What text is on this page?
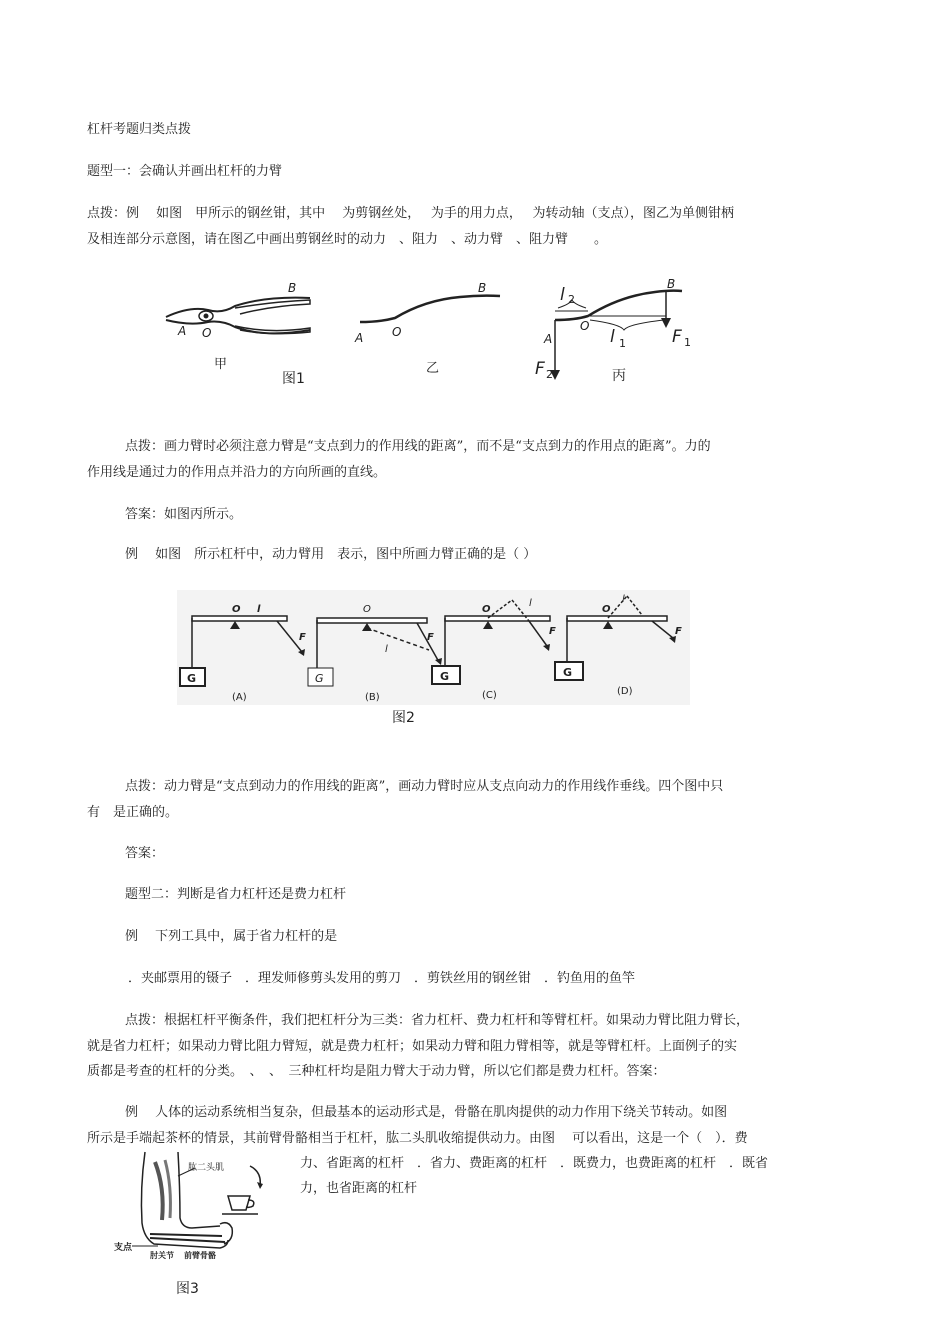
杠杆考题归类点拨
题型一：会确认并画出杠杆的力臂
点拨：例　 如图　甲所示的钢丝钳，其中　 为剪钢丝处，　 为手的用力点，　 为转动轴（支点），图乙为单侧钳柄
及相连部分示意图，请在图乙中画出剪钢丝时的动力　、阻力　、动力臂　、阻力臂　　。
A O
B
甲
A O
B
乙
A
O
B
l 2
l 1	F 1
F 2	丙
图1
点拨：画力臂时必须注意力臂是“支点到力的作用线的距离”，而不是“支点到力的作用点的距离”。力的
作用线是通过力的作用点并沿力的方向所画的直线。
答案：如图丙所示。
例　 如图　所示杠杆中，动力臂用　表示，图中所画力臂正确的是（ ）
G
O l
F
(A)
G
O
l
F
(B)
G
O
l
F
(C)
G
O
l
F
(D)
图2
点拨：动力臂是“支点到动力的作用线的距离”，画动力臂时应从支点向动力的作用线作垂线。四个图中只
有　是正确的。
答案：
题型二：判断是省力杠杆还是费力杠杆
例　 下列工具中，属于省力杠杆的是
．夹邮票用的镊子　．理发师修剪头发用的剪刀　．剪铁丝用的钢丝钳　．钓鱼用的鱼竿
点拨：根据杠杆平衡条件，我们把杠杆分为三类：省力杠杆、费力杠杆和等臂杠杆。如果动力臂比阻力臂长，
就是省力杠杆；如果动力臂比阻力臂短，就是费力杠杆；如果动力臂和阻力臂相等，就是等臂杠杆。上面例子的实
质都是考查的杠杆的分类。　、　、　三种杠杆均是阻力臂大于动力臂，所以它们都是费力杠杆。答案：
例　 人体的运动系统相当复杂，但最基本的运动形式是，骨骼在肌肉提供的动力作用下绕关节转动。如图
所示是手端起茶杯的情景，其前臂骨骼相当于杠杆，肱二头肌收缩提供动力。由图　 可以看出，这是一个（　）．费
力、省距离的杠杆　．省力、费距离的杠杆　．既费力，也费距离的杠杆　．既省
力，也省距离的杠杆
肱二头肌
支点
肘关节 前臂骨骼
图3
